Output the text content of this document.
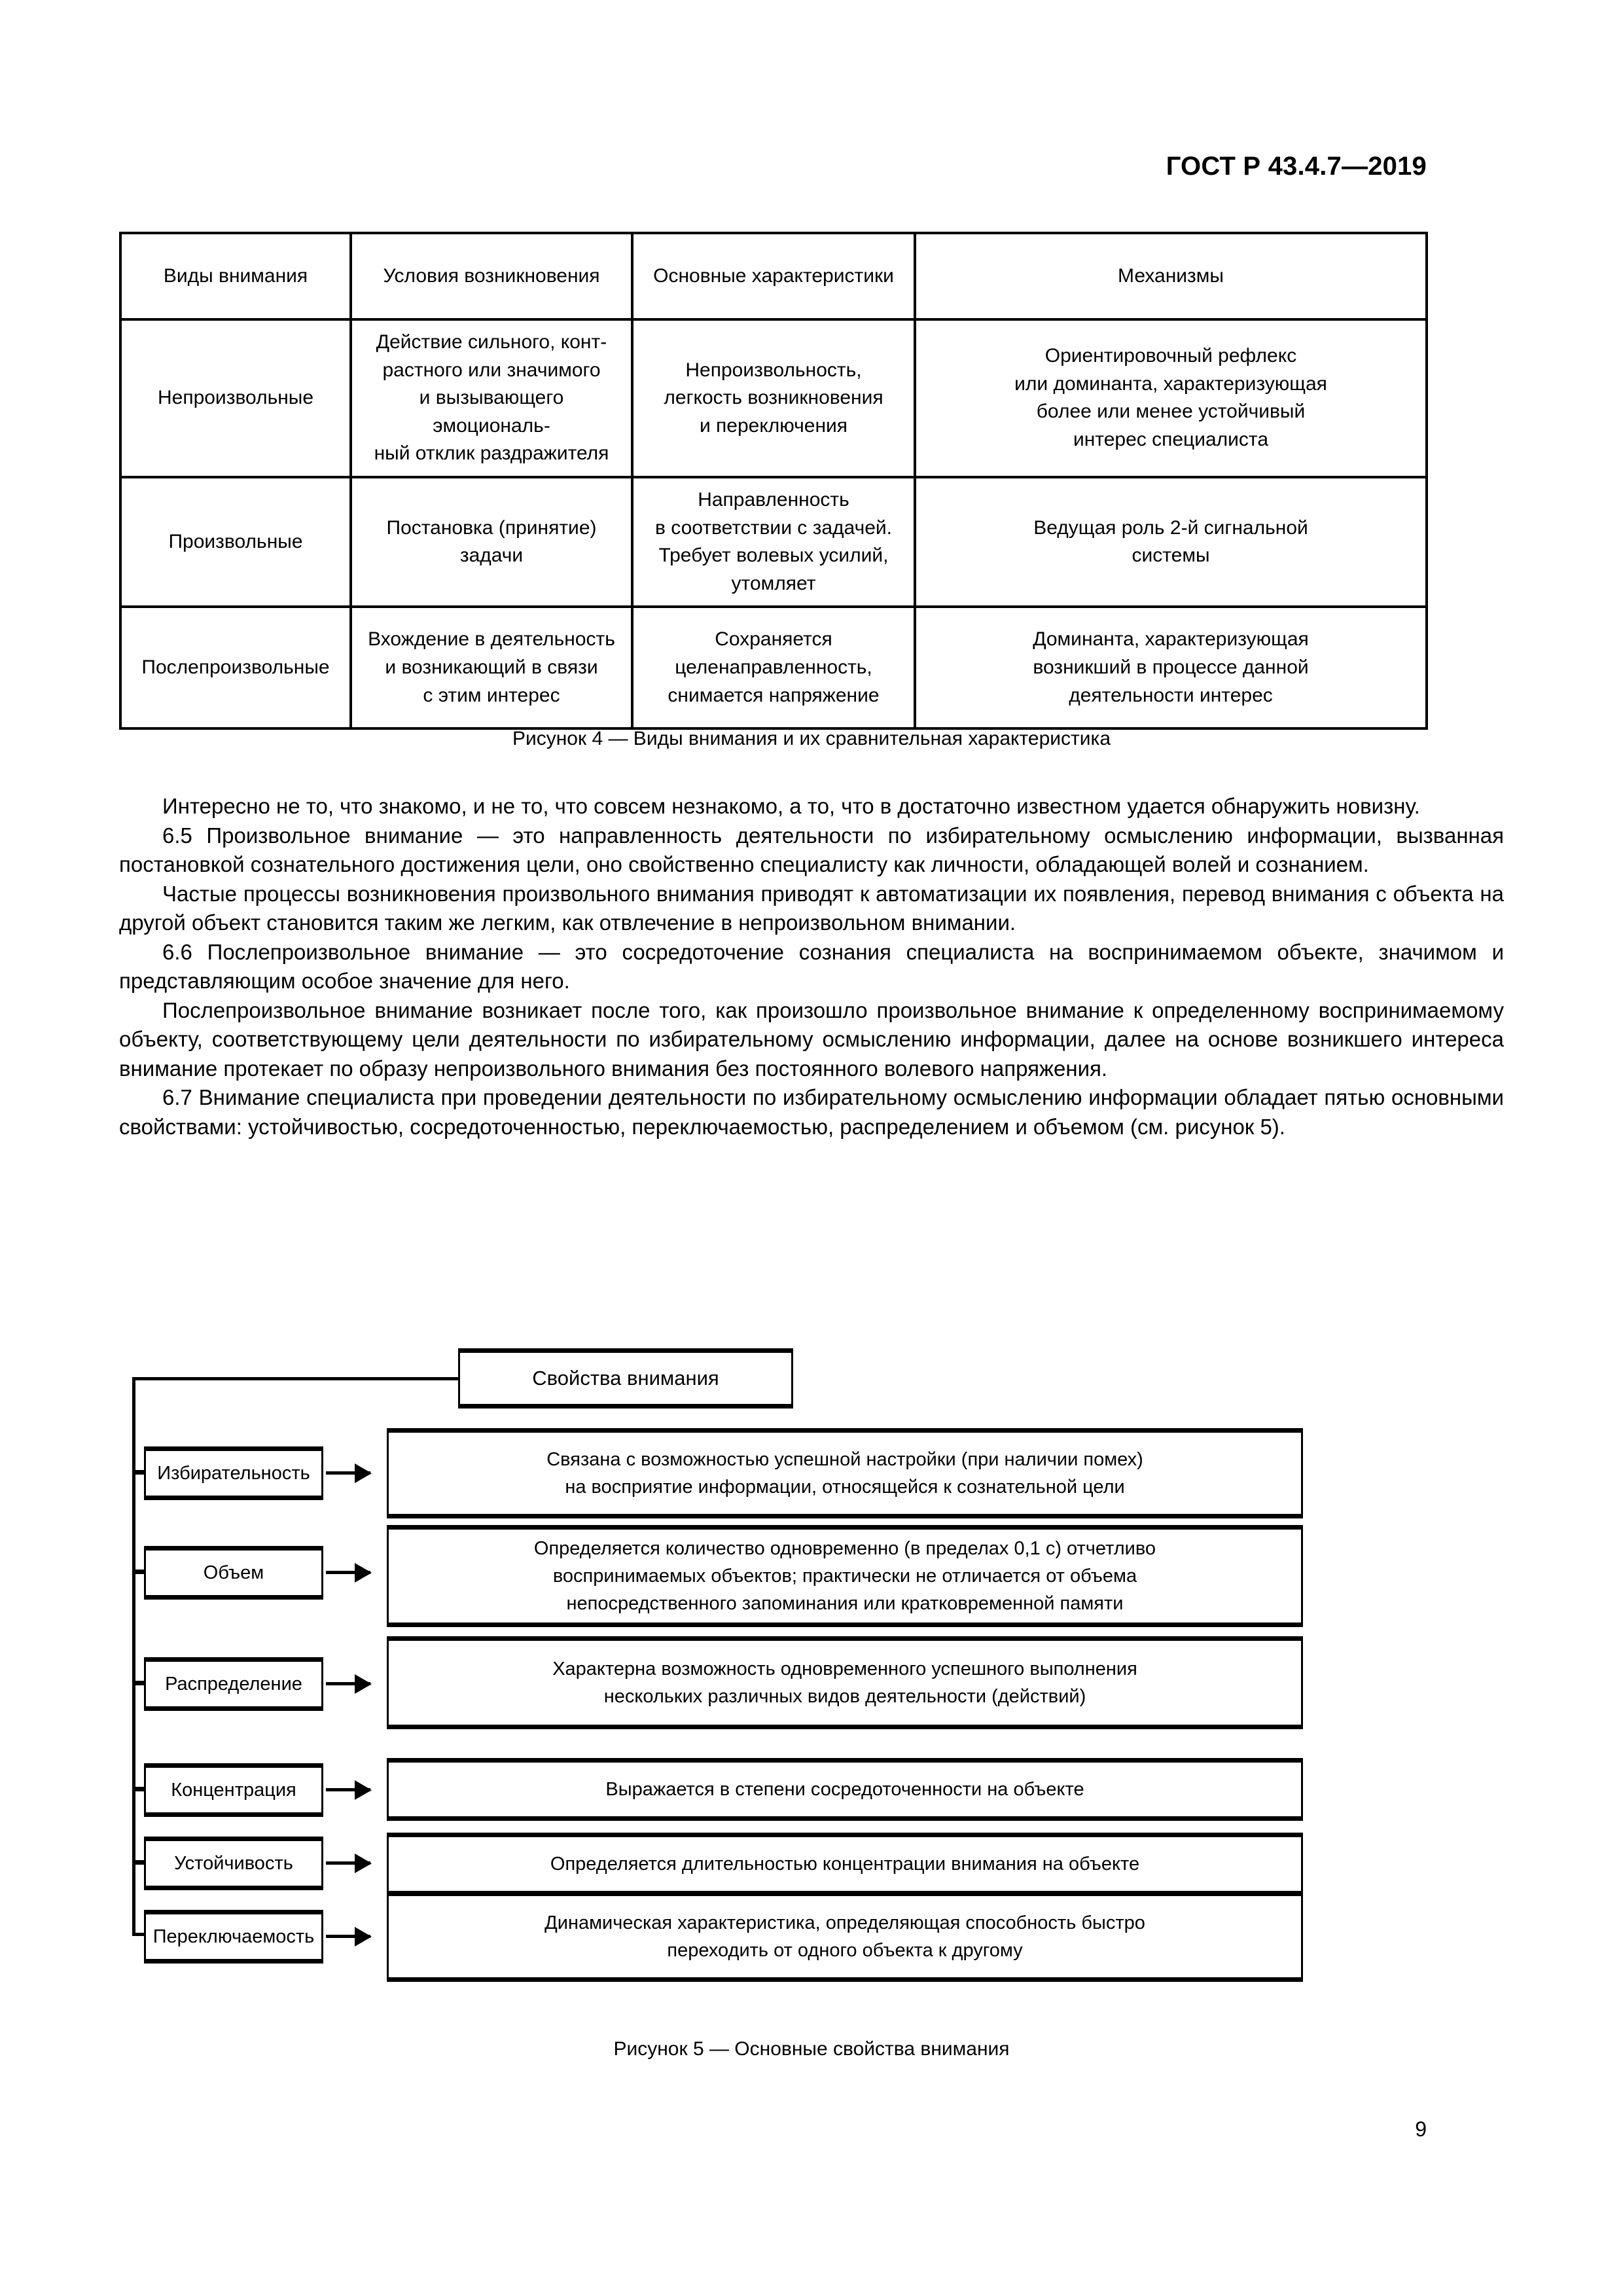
ГОСТ Р 43.4.7—2019
Виды внимания	Условия возникновения	Основные характеристики	Механизмы
Непроизвольные	Действие сильного, конт-
растного или значимого
и вызывающего эмоциональ-
ный отклик раздражителя	Непроизвольность,
легкость возникновения
и переключения	Ориентировочный рефлекс
или доминанта, характеризующая
более или менее устойчивый
интерес специалиста
Произвольные	Постановка (принятие)
задачи	Направленность
в соответствии с задачей.
Требует волевых усилий,
утомляет	Ведущая роль 2-й сигнальной
системы
Послепроизвольные	Вхождение в деятельность
и возникающий в связи
с этим интерес	Сохраняется
целенаправленность,
снимается напряжение	Доминанта, характеризующая
возникший в процессе данной
деятельности интерес
Рисунок 4 — Виды внимания и их сравнительная характеристика

Интересно не то, что знакомо, и не то, что совсем незнакомо, а то, что в достаточно известном удается обнаружить новизну.

6.5 Произвольное внимание — это направленность деятельности по избирательному осмыслению информации, вызванная постановкой сознательного достижения цели, оно свойственно специалисту как личности, обладающей волей и сознанием.

Частые процессы возникновения произвольного внимания приводят к автоматизации их появления, перевод внимания с объекта на другой объект становится таким же легким, как отвлечение в непроизвольном внимании.

6.6 Послепроизвольное внимание — это сосредоточение сознания специалиста на воспринимаемом объекте, значимом и представляющим особое значение для него.

Послепроизвольное внимание возникает после того, как произошло произвольное внимание к определенному воспринимаемому объекту, соответствующему цели деятельности по избирательному осмыслению информации, далее на основе возникшего интереса внимание протекает по образу непроизвольного внимания без постоянного волевого напряжения.

6.7 Внимание специалиста при проведении деятельности по избирательному осмыслению информации обладает пятью основными свойствами: устойчивостью, сосредоточенностью, переключаемостью, распределением и объемом (см. рисунок 5).

Свойства внимания
Избирательность
Связана с возможностью успешной настройки (при наличии помех)
на восприятие информации, относящейся к сознательной цели
Объем
Определяется количество одновременно (в пределах 0,1 с) отчетливо
воспринимаемых объектов; практически не отличается от объема
непосредственного запоминания или кратковременной памяти
Распределение
Характерна возможность одновременного успешного выполнения
нескольких различных видов деятельности (действий)
Концентрация	Выражается в степени сосредоточенности на объекте
Устойчивость	Определяется длительностью концентрации внимания на объекте
Переключаемость
Динамическая характеристика, определяющая способность быстро
переходить от одного объекта к другому
Рисунок 5 — Основные свойства внимания
9
